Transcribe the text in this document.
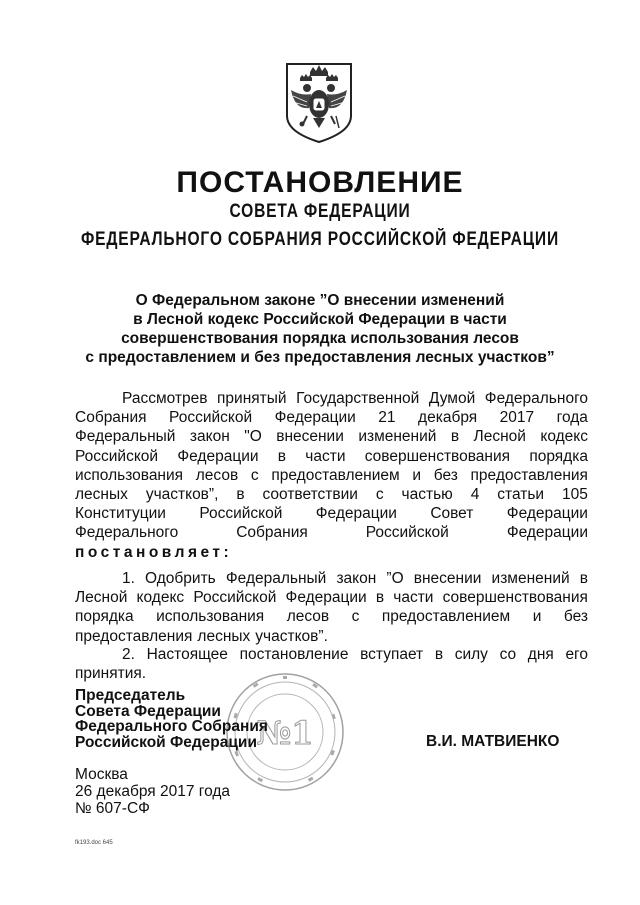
ПОСТАНОВЛЕНИЕ
СОВЕТА ФЕДЕРАЦИИ
ФЕДЕРАЛЬНОГО СОБРАНИЯ РОССИЙСКОЙ ФЕДЕРАЦИИ
О Федеральном законе ”О внесении изменений
в Лесной кодекс Российской Федерации в части
совершенствования порядка использования лесов
с предоставлением и без предоставления лесных участков”
Рассмотрев принятый Государственной Думой Федерального
Собрания Российской Федерации 21 декабря 2017 года
Федеральный закон "О внесении изменений в Лесной кодекс
Российской Федерации в части совершенствования порядка
использования лесов с предоставлением и без предоставления
лесных участков”, в соответствии с частью 4 статьи 105
Конституции Российской Федерации Совет Федерации
Федерального	Собрания	Российской	Федерации
постановляет:
1. Одобрить Федеральный закон ”О внесении изменений в
Лесной кодекс Российской Федерации в части совершенствования
порядка использования лесов с предоставлением и без
предоставления лесных участков”.
2. Настоящее постановление вступает в силу со дня его
принятия.
№1
Председатель
Совета Федерации
Федерального Собрания
Российской Федерации	В.И. МАТВИЕНКО
Москва
26 декабря 2017 года
№ 607-СФ
fk193.doc 645
